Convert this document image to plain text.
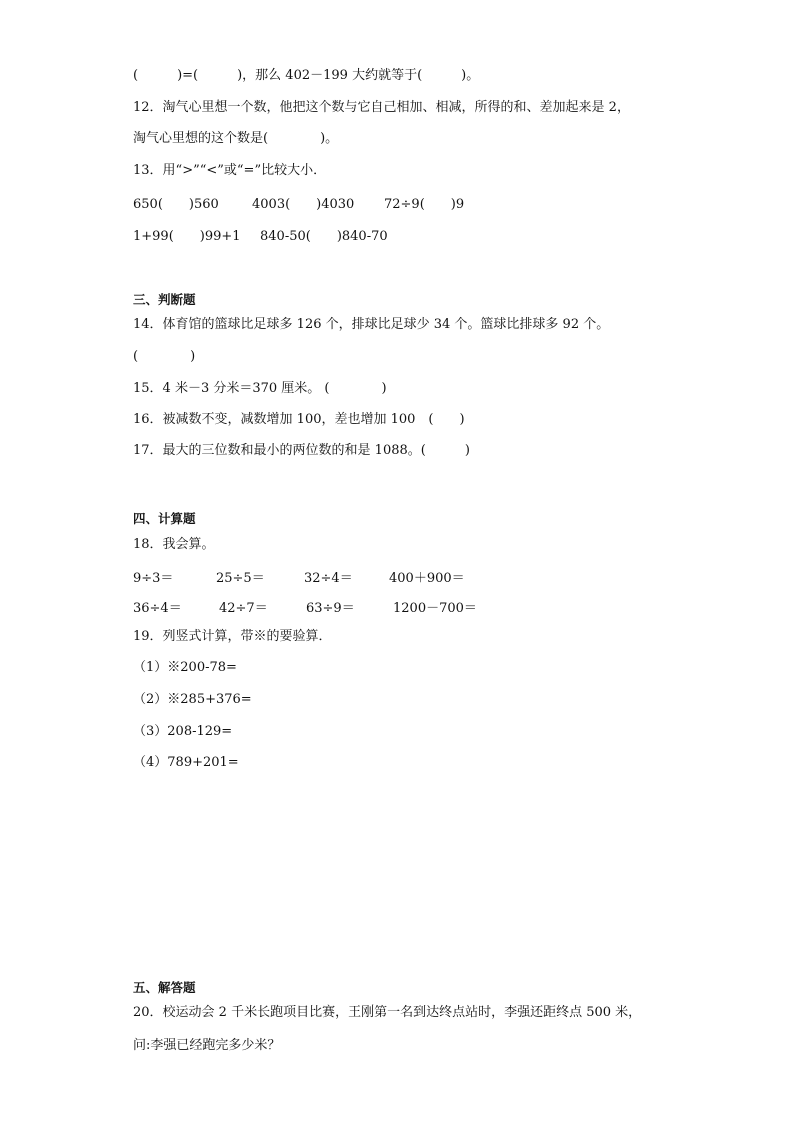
(　　　)=(　　　)，那么 402－199 大约就等于(　　　)。
12．淘气心里想一个数，他把这个数与它自己相加、相减，所得的和、差加起来是 2，
淘气心里想的这个数是(　　　　)。
13．用“>”“<”或“=”比较大小．
650(　　)560	4003(　　)4030 72÷9(　　)9
1+99(　　)99+1 840-50(　　)840-70
三、判断题
14．体育馆的篮球比足球多 126 个，排球比足球少 34 个。篮球比排球多 92 个。
(　　　　)
15．4 米－3 分米＝370 厘米。 (　　　　)
16．被减数不变，减数增加 100，差也增加 100　(　　)
17．最大的三位数和最小的两位数的和是 1088。(　　　)
四、计算题
18．我会算。
9÷3＝	25÷5＝	32÷4＝	400＋900＝
36÷4＝	42÷7＝	63÷9＝	1200－700＝
19．列竖式计算，带※的要验算．
（1）※200-78=
（2）※285+376=
（3）208-129=
（4）789+201=
五、解答题
20．校运动会 2 千米长跑项目比赛，王刚第一名到达终点站时，李强还距终点 500 米，
问:李强已经跑完多少米？
